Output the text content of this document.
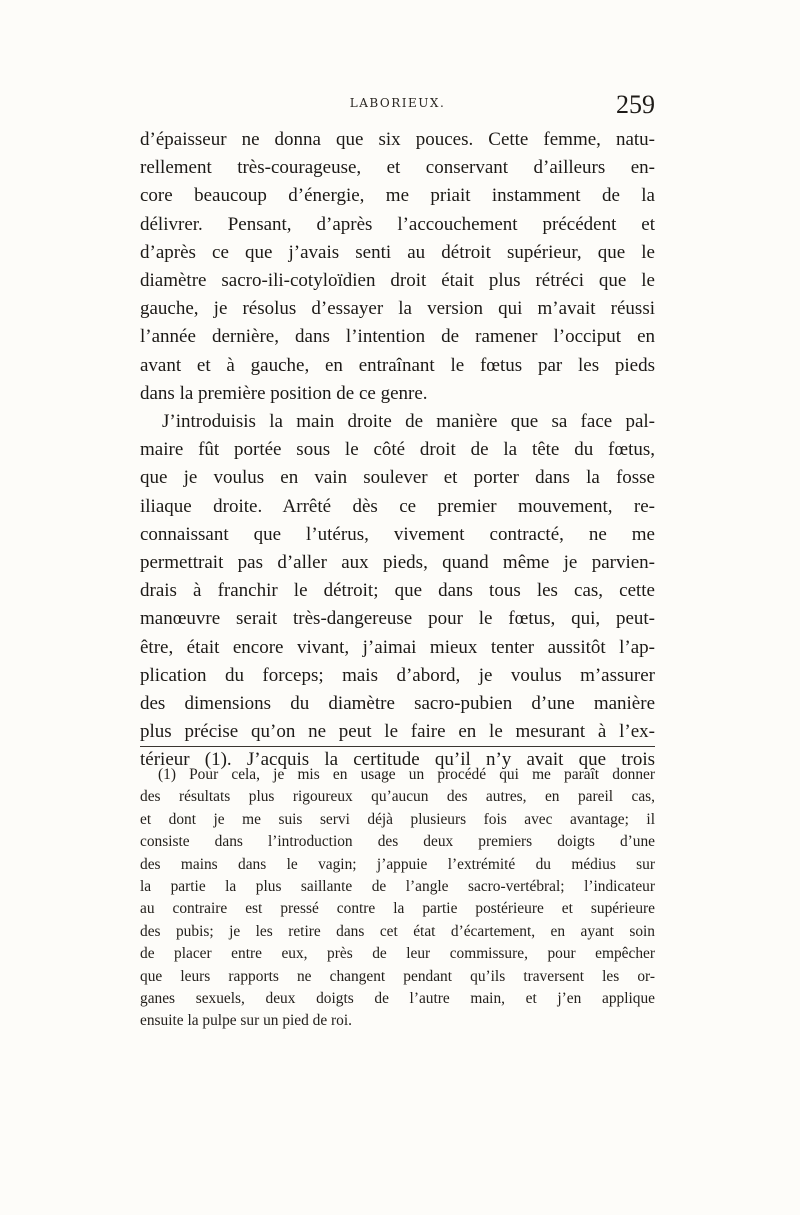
LABORIEUX.	259
d’épaisseur ne donna que six pouces. Cette femme, natu-
rellement très-courageuse, et conservant d’ailleurs en-
core beaucoup d’énergie, me priait instamment de la
délivrer. Pensant, d’après l’accouchement précédent et
d’après ce que j’avais senti au détroit supérieur, que le
diamètre sacro-ili-cotyloïdien droit était plus rétréci que le
gauche, je résolus d’essayer la version qui m’avait réussi
l’année dernière, dans l’intention de ramener l’occiput en
avant et à gauche, en entraînant le fœtus par les pieds
dans la première position de ce genre.
J’introduisis la main droite de manière que sa face pal-
maire fût portée sous le côté droit de la tête du fœtus,
que je voulus en vain soulever et porter dans la fosse
iliaque droite. Arrêté dès ce premier mouvement, re-
connaissant que l’utérus, vivement contracté, ne me
permettrait pas d’aller aux pieds, quand même je parvien-
drais à franchir le détroit; que dans tous les cas, cette
manœuvre serait très-dangereuse pour le fœtus, qui, peut-
être, était encore vivant, j’aimai mieux tenter aussitôt l’ap-
plication du forceps; mais d’abord, je voulus m’assurer
des dimensions du diamètre sacro-pubien d’une manière
plus précise qu’on ne peut le faire en le mesurant à l’ex-
térieur (1). J’acquis la certitude qu’il n’y avait que trois
(1) Pour cela, je mis en usage un procédé qui me paraît donner
des résultats plus rigoureux qu’aucun des autres, en pareil cas,
et dont je me suis servi déjà plusieurs fois avec avantage; il
consiste dans l’introduction des deux premiers doigts d’une
des mains dans le vagin; j’appuie l’extrémité du médius sur
la partie la plus saillante de l’angle sacro-vertébral; l’indicateur
au contraire est pressé contre la partie postérieure et supérieure
des pubis; je les retire dans cet état d’écartement, en ayant soin
de placer entre eux, près de leur commissure, pour empêcher
que leurs rapports ne changent pendant qu’ils traversent les or-
ganes sexuels, deux doigts de l’autre main, et j’en applique
ensuite la pulpe sur un pied de roi.
